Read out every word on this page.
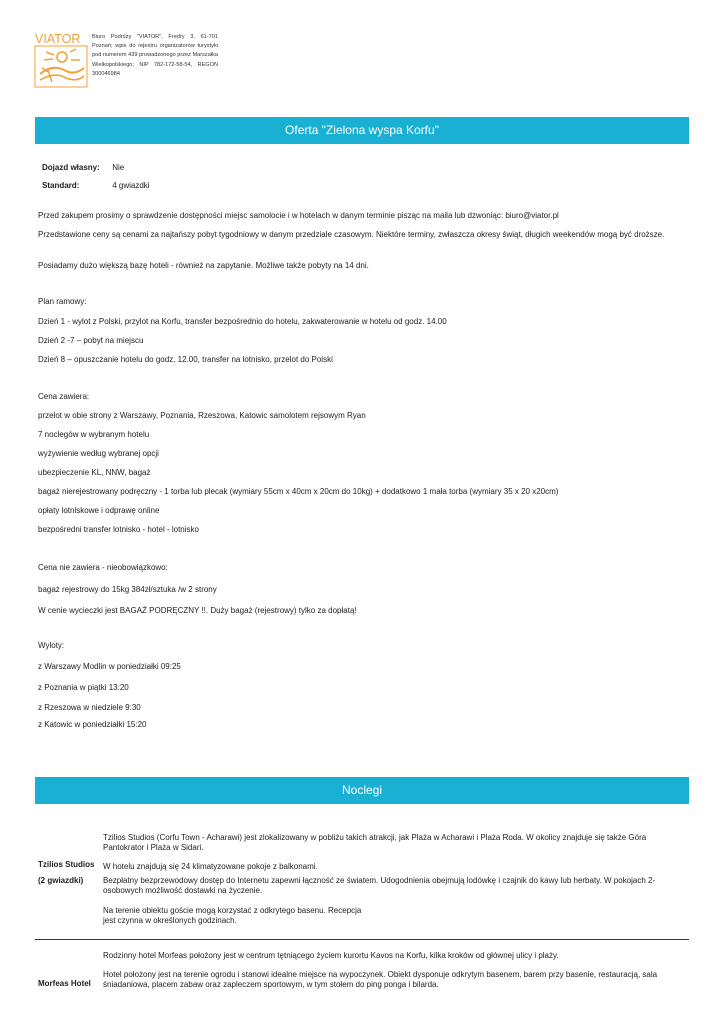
VIATOR Biuro Podróży "VIATOR", Fredry 3, 61-701 Poznań; wpis do rejestru organizatorów turystyki pod numerem 439 prowadzonego przez Marszałka Wielkopolskiego; NIP 782-172-58-54, REGON 300046984
Oferta "Zielona wyspa Korfu"
Dojazd własny: Nie
Standard:	4 gwiazdki
Przed zakupem prosimy o sprawdzenie dostępności miejsc samolocie i w hotelach w danym terminie pisząc na maila lub dzwoniąc: biuro@viator.pl
Przedstawione ceny są cenami za najtańszy pobyt tygodniowy w danym przedziale czasowym. Niektóre terminy, zwłaszcza okresy świąt, długich weekendów mogą być droższe.
Posiadamy dużo większą bazę hoteli - również na zapytanie. Możliwe także pobyty na 14 dni.
Plan ramowy:
Dzień 1 - wylot z Polski, przylot na Korfu, transfer bezpośrednio do hotelu, zakwaterowanie w hotelu od godz. 14.00
Dzień 2 -7 – pobyt na miejscu
Dzień 8 – opuszczanie hotelu do godz. 12.00, transfer na lotnisko, przelot do Polski
Cena zawiera:
przelot w obie strony z Warszawy, Poznania, Rzeszowa, Katowic samolotem rejsowym Ryan
7 noclegów w wybranym hotelu
wyżywienie według wybranej opcji
ubezpieczenie KL, NNW, bagaż
bagaż nierejestrowany podręczny - 1 torba lub plecak (wymiary 55cm x 40cm x 20cm do 10kg) + dodatkowo 1 mała torba (wymiary 35 x 20 x20cm)
opłaty lotniskowe i odprawę online
bezpośredni transfer lotnisko - hotel - lotnisko
Cena nie zawiera - nieobowiązkowo:
bagaż rejestrowy do 15kg 384zł/sztuka /w 2 strony
W cenie wycieczki jest BAGAŻ PODRĘCZNY !!. Duży bagaż (rejestrowy) tylko za dopłatą!
Wyloty:
z Warszawy Modlin w poniedziałki 09:25
z Poznania w piątki 13:20
z Rzeszowa w niedziele 9:30
z Katowic w poniedziałki 15:20
Noclegi
Tzilios Studios (2 gwiazdki)
Tzilios Studios (Corfu Town - Acharawi) jest zlokalizowany w pobliżu takich atrakcji, jak Plaża w Acharawi i Plaża Roda. W okolicy znajduje się także Góra Pantokrator i Plaża w Sidari.
W hotelu znajdują się 24 klimatyzowane pokoje z balkonami.
Bezpłatny bezprzewodowy dostęp do Internetu zapewni łączność ze światem. Udogodnienia obejmują lodówkę i czajnik do kawy lub herbaty. W pokojach 2-osobowych możliwość dostawki na życzenie.
Na terenie obiektu goście mogą korzystać z odkrytego basenu. Recepcja jest czynna w określonych godzinach.
Morfeas Hotel
Rodzinny hotel Morfeas położony jest w centrum tętniącego życiem kurortu Kavos na Korfu, kilka kroków od głównej ulicy i plaży.
Hotel położony jest na terenie ogrodu i stanowi idealne miejsce na wypoczynek. Obiekt dysponuje odkrytym basenem, barem przy basenie, restauracją, sala śniadaniowa, placem zabaw oraz zapleczem sportowym, w tym stołem do ping ponga i bilarda.
